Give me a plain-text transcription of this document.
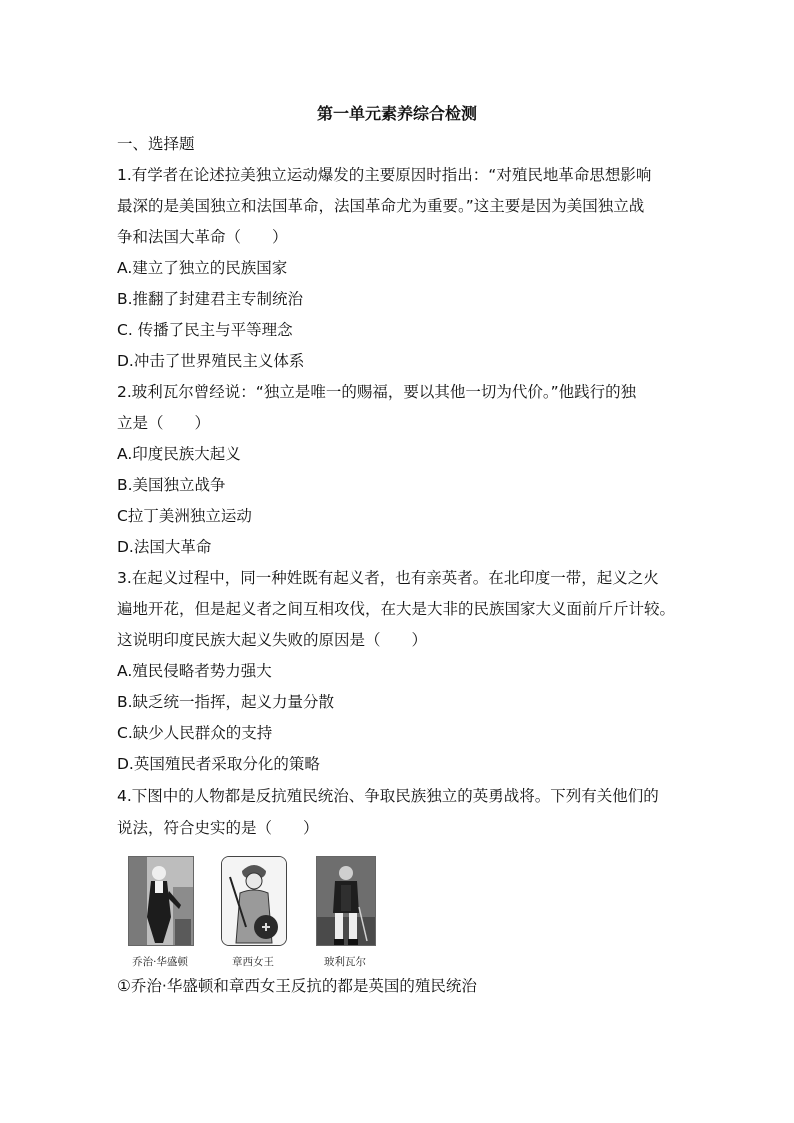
第一单元素养综合检测
一、选择题
1.有学者在论述拉美独立运动爆发的主要原因时指出：“对殖民地革命思想影响
最深的是美国独立和法国革命，法国革命尤为重要。”这主要是因为美国独立战
争和法国大革命（　　）
A.建立了独立的民族国家
B.推翻了封建君主专制统治
C. 传播了民主与平等理念
D.冲击了世界殖民主义体系
2.玻利瓦尔曾经说：“独立是唯一的赐福，要以其他一切为代价。”他践行的独
立是（　　）
A.印度民族大起义
B.美国独立战争
C拉丁美洲独立运动
D.法国大革命
3.在起义过程中，同一种姓既有起义者，也有亲英者。在北印度一带，起义之火
遍地开花，但是起义者之间互相攻伐，在大是大非的民族国家大义面前斤斤计较。
这说明印度民族大起义失败的原因是（　　）
A.殖民侵略者势力强大
B.缺乏统一指挥，起义力量分散
C.缺少人民群众的支持
D.英国殖民者采取分化的策略
4.下图中的人物都是反抗殖民统治、争取民族独立的英勇战将。下列有关他们的
说法，符合史实的是（　　）
乔治·华盛顿	章西女王	玻利瓦尔
①乔治·华盛顿和章西女王反抗的都是英国的殖民统治
